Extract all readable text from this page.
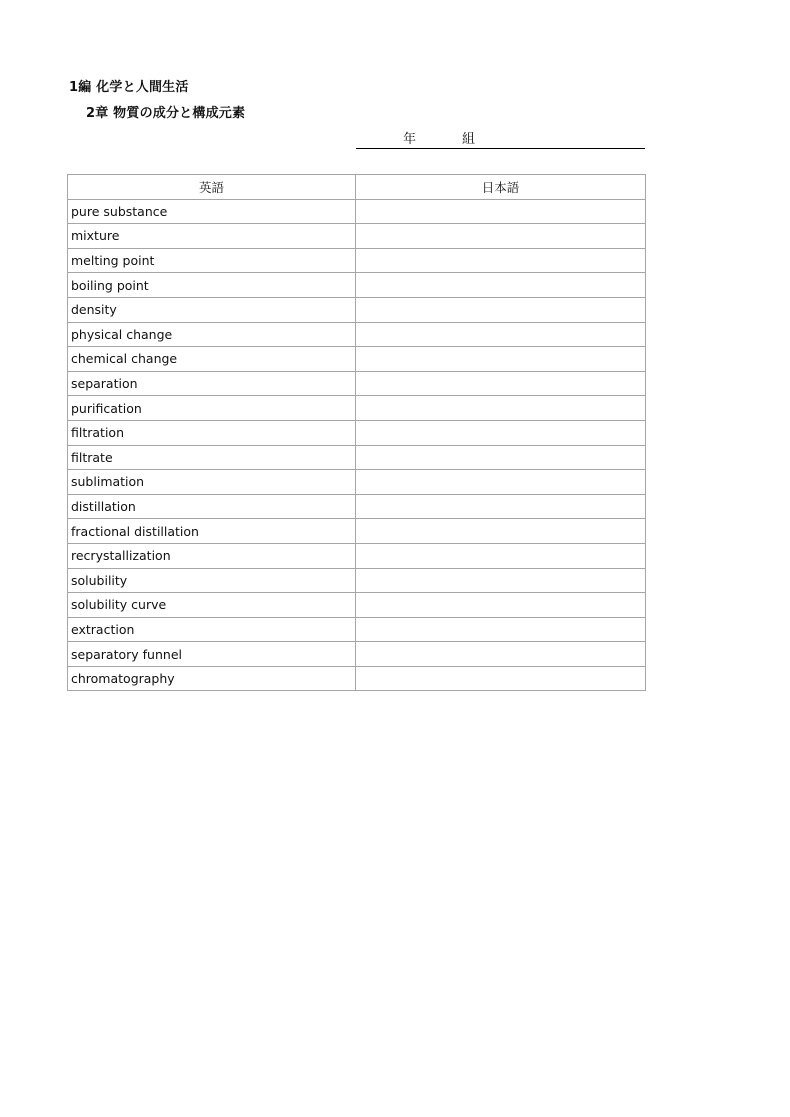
1編 化学と人間生活
2章 物質の成分と構成元素
年	組
英語	日本語
pure substance	
mixture	
melting point	
boiling point	
density	
physical change	
chemical change	
separation	
purification	
filtration	
filtrate	
sublimation	
distillation	
fractional distillation	
recrystallization	
solubility	
solubility curve	
extraction	
separatory funnel	
chromatography	
